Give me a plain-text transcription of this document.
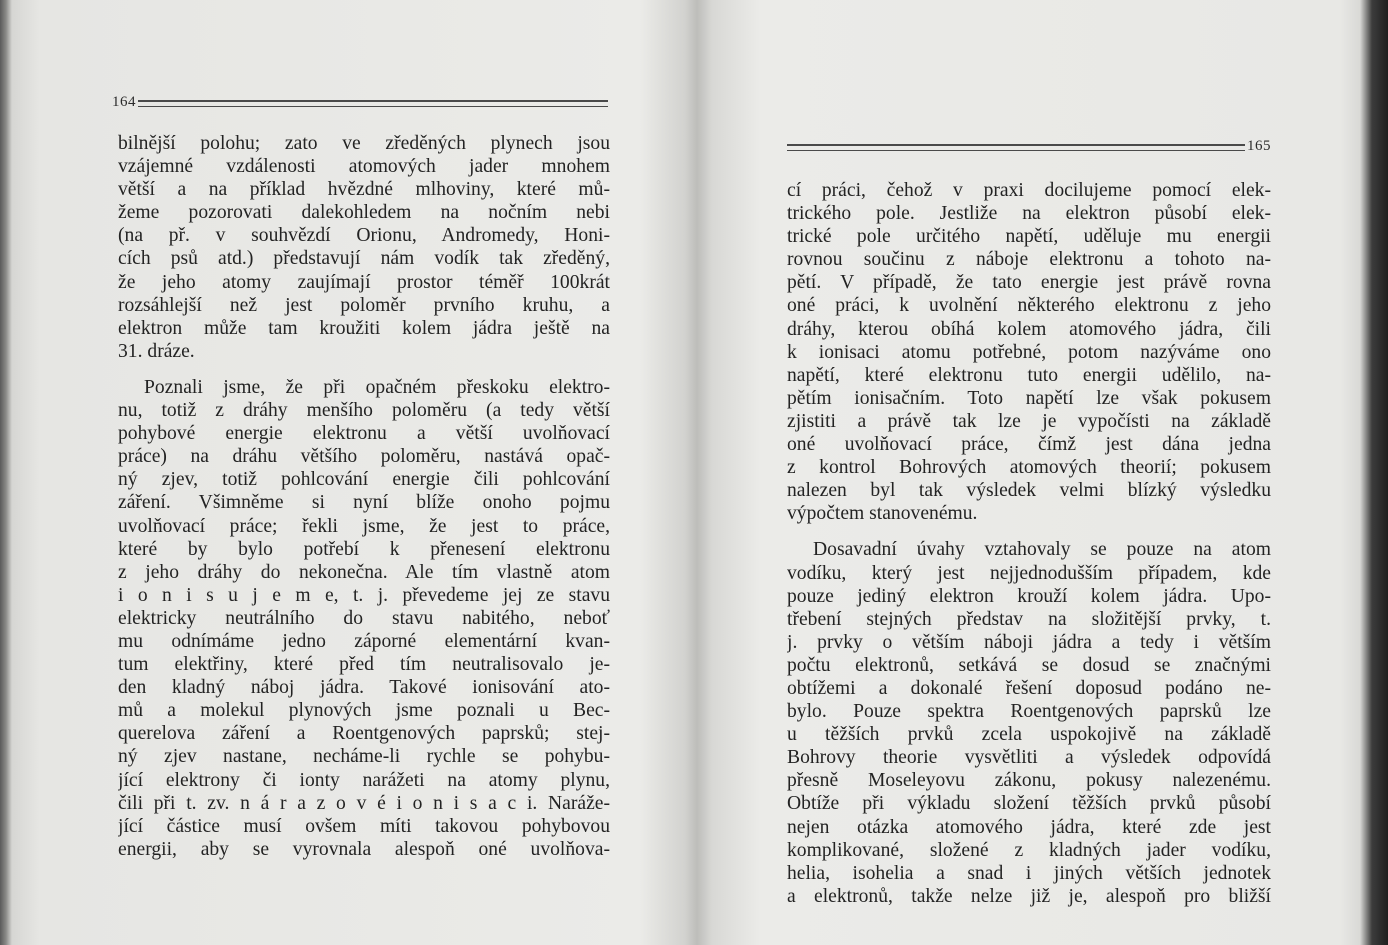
164
bilnější polohu; zato ve zředěných plynech jsou
vzájemné vzdálenosti atomových jader mnohem
větší a na příklad hvězdné mlhoviny, které mů-
žeme pozorovati dalekohledem na nočním nebi
(na př. v souhvězdí Orionu, Andromedy, Honi-
cích psů atd.) představují nám vodík tak zředěný,
že jeho atomy zaujímají prostor téměř 100krát
rozsáhlejší než jest poloměr prvního kruhu, a
elektron může tam kroužiti kolem jádra ještě na
31. dráze.
Poznali jsme, že při opačném přeskoku elektro-
nu, totiž z dráhy menšího poloměru (a tedy větší
pohybové energie elektronu a větší uvolňovací
práce) na dráhu většího poloměru, nastává opač-
ný zjev, totiž pohlcování energie čili pohlcování
záření. Všimněme si nyní blíže onoho pojmu
uvolňovací práce; řekli jsme, že jest to práce,
které by bylo potřebí k přenesení elektronu
z jeho dráhy do nekonečna. Ale tím vlastně atom
i o n i s u j e m e, t. j. převedeme jej ze stavu
elektricky neutrálního do stavu nabitého, neboť
mu odnímáme jedno záporné elementární kvan-
tum elektřiny, které před tím neutralisovalo je-
den kladný náboj jádra. Takové ionisování ato-
mů a molekul plynových jsme poznali u Bec-
querelova záření a Roentgenových paprsků; stej-
ný zjev nastane, necháme-li rychle se pohybu-
jící elektrony či ionty narážeti na atomy plynu,
čili při t. zv. n á r a z o v é i o n i s a c i. Naráže-
jící částice musí ovšem míti takovou pohybovou
energii, aby se vyrovnala alespoň oné uvolňova-
165
cí práci, čehož v praxi docilujeme pomocí elek-
trického pole. Jestliže na elektron působí elek-
trické pole určitého napětí, uděluje mu energii
rovnou součinu z náboje elektronu a tohoto na-
pětí. V případě, že tato energie jest právě rovna
oné práci, k uvolnění některého elektronu z jeho
dráhy, kterou obíhá kolem atomového jádra, čili
k ionisaci atomu potřebné, potom nazýváme ono
napětí, které elektronu tuto energii udělilo, na-
pětím ionisačním. Toto napětí lze však pokusem
zjistiti a právě tak lze je vypočísti na základě
oné uvolňovací práce, čímž jest dána jedna
z kontrol Bohrových atomových theorií; pokusem
nalezen byl tak výsledek velmi blízký výsledku
výpočtem stanovenému.
Dosavadní úvahy vztahovaly se pouze na atom
vodíku, který jest nejjednodušším případem, kde
pouze jediný elektron krouží kolem jádra. Upo-
třebení stejných představ na složitější prvky, t.
j. prvky o větším náboji jádra a tedy i větším
počtu elektronů, setkává se dosud se značnými
obtížemi a dokonalé řešení doposud podáno ne-
bylo. Pouze spektra Roentgenových paprsků lze
u těžších prvků zcela uspokojivě na základě
Bohrovy theorie vysvětliti a výsledek odpovídá
přesně Moseleyovu zákonu, pokusy nalezenému.
Obtíže při výkladu složení těžších prvků působí
nejen otázka atomového jádra, které zde jest
komplikované, složené z kladných jader vodíku,
helia, isohelia a snad i jiných větších jednotek
a elektronů, takže nelze již je, alespoň pro bližší
